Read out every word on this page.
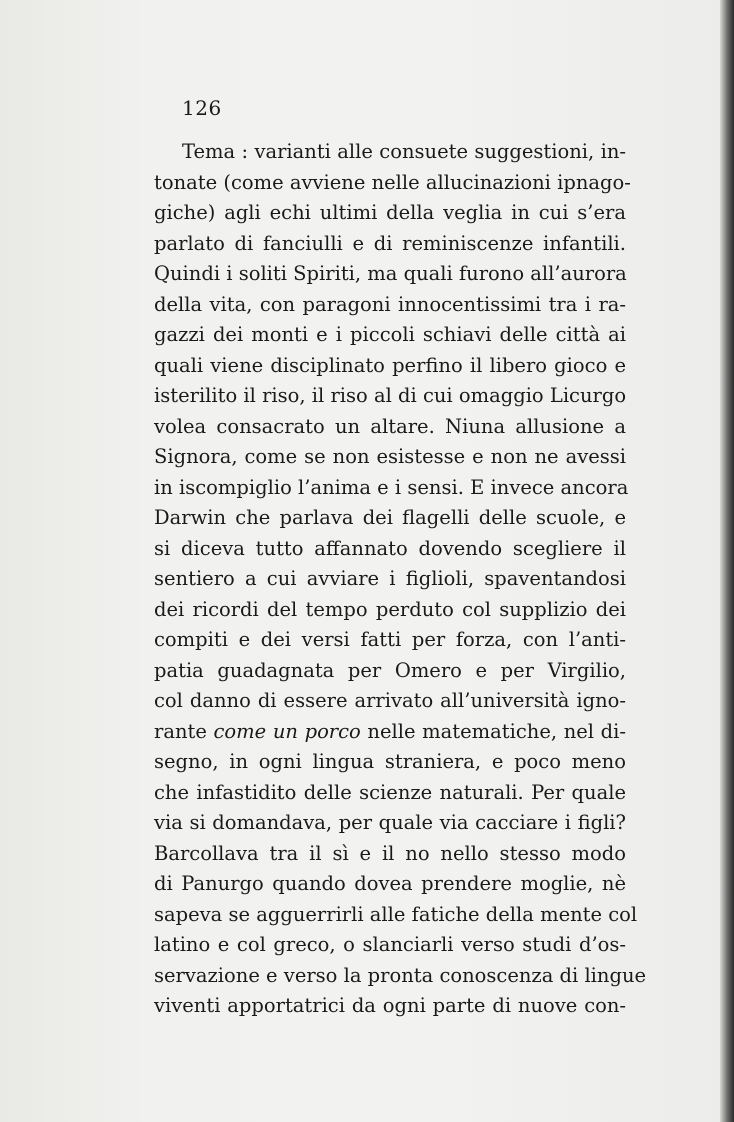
126
Tema : varianti alle consuete suggestioni, in-
tonate (come avviene nelle allucinazioni ipnago-
giche) agli echi ultimi della veglia in cui s’era
parlato di fanciulli e di reminiscenze infantili.
Quindi i soliti Spiriti, ma quali furono all’aurora
della vita, con paragoni innocentissimi tra i ra-
gazzi dei monti e i piccoli schiavi delle città ai
quali viene disciplinato perfino il libero gioco e
isterilito il riso, il riso al di cui omaggio Licurgo
volea consacrato un altare. Niuna allusione a
Signora, come se non esistesse e non ne avessi
in iscompiglio l’anima e i sensi. E invece ancora
Darwin che parlava dei flagelli delle scuole, e
si diceva tutto affannato dovendo scegliere il
sentiero a cui avviare i figlioli, spaventandosi
dei ricordi del tempo perduto col supplizio dei
compiti e dei versi fatti per forza, con l’anti-
patia guadagnata per Omero e per Virgilio,
col danno di essere arrivato all’università igno-
rante come un porco nelle matematiche, nel di-
segno, in ogni lingua straniera, e poco meno
che infastidito delle scienze naturali. Per quale
via si domandava, per quale via cacciare i figli?
Barcollava tra il sì e il no nello stesso modo
di Panurgo quando dovea prendere moglie, nè
sapeva se agguerrirli alle fatiche della mente col
latino e col greco, o slanciarli verso studi d’os-
servazione e verso la pronta conoscenza di lingue
viventi apportatrici da ogni parte di nuove con-
